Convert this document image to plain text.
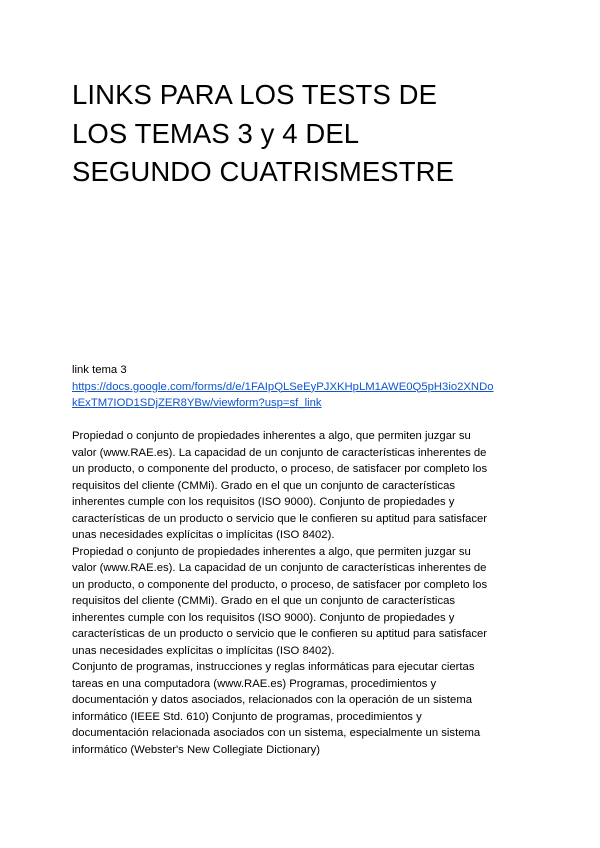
LINKS PARA LOS TESTS DE
LOS TEMAS 3 y 4 DEL
SEGUNDO CUATRISMESTRE
link tema 3
https://docs.google.com/forms/d/e/1FAIpQLSeEyPJXKHpLM1AWE0Q5pH3io2XNDo
kExTM7IOD1SDjZER8YBw/viewform?usp=sf_link
Propiedad o conjunto de propiedades inherentes a algo, que permiten juzgar su
valor (www.RAE.es). La capacidad de un conjunto de características inherentes de
un producto, o componente del producto, o proceso, de satisfacer por completo los
requisitos del cliente (CMMi). Grado en el que un conjunto de características
inherentes cumple con los requisitos (ISO 9000). Conjunto de propiedades y
características de un producto o servicio que le confieren su aptitud para satisfacer
unas necesidades explícitas o implícitas (ISO 8402).
Propiedad o conjunto de propiedades inherentes a algo, que permiten juzgar su
valor (www.RAE.es). La capacidad de un conjunto de características inherentes de
un producto, o componente del producto, o proceso, de satisfacer por completo los
requisitos del cliente (CMMi). Grado en el que un conjunto de características
inherentes cumple con los requisitos (ISO 9000). Conjunto de propiedades y
características de un producto o servicio que le confieren su aptitud para satisfacer
unas necesidades explícitas o implícitas (ISO 8402).
Conjunto de programas, instrucciones y reglas informáticas para ejecutar ciertas
tareas en una computadora (www.RAE.es) Programas, procedimientos y
documentación y datos asociados, relacionados con la operación de un sistema
informático (IEEE Std. 610) Conjunto de programas, procedimientos y
documentación relacionada asociados con un sistema, especialmente un sistema
informático (Webster's New Collegiate Dictionary)
